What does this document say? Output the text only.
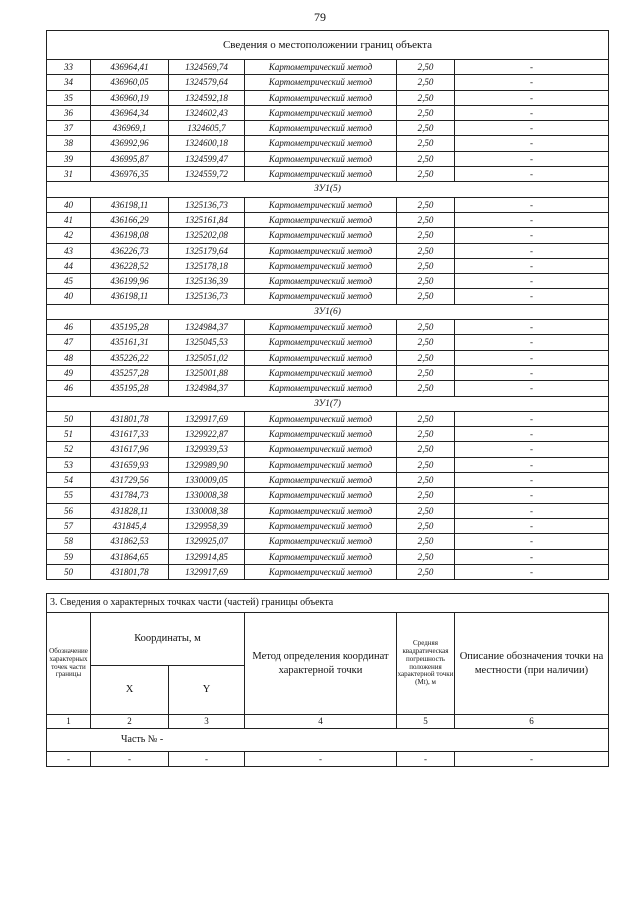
79
Сведения о местоположении границ объекта					
33	436964,41	1324569,74	Картометрический метод	2,50	-
34	436960,05	1324579,64	Картометрический метод	2,50	-
35	436960,19	1324592,18	Картометрический метод	2,50	-
36	436964,34	1324602,43	Картометрический метод	2,50	-
37	436969,1	1324605,7	Картометрический метод	2,50	-
38	436992,96	1324600,18	Картометрический метод	2,50	-
39	436995,87	1324599,47	Картометрический метод	2,50	-
31	436976,35	1324559,72	Картометрический метод	2,50	-
ЗУ1(5)					
40	436198,11	1325136,73	Картометрический метод	2,50	-
41	436166,29	1325161,84	Картометрический метод	2,50	-
42	436198,08	1325202,08	Картометрический метод	2,50	-
43	436226,73	1325179,64	Картометрический метод	2,50	-
44	436228,52	1325178,18	Картометрический метод	2,50	-
45	436199,96	1325136,39	Картометрический метод	2,50	-
40	436198,11	1325136,73	Картометрический метод	2,50	-
ЗУ1(6)					
46	435195,28	1324984,37	Картометрический метод	2,50	-
47	435161,31	1325045,53	Картометрический метод	2,50	-
48	435226,22	1325051,02	Картометрический метод	2,50	-
49	435257,28	1325001,88	Картометрический метод	2,50	-
46	435195,28	1324984,37	Картометрический метод	2,50	-
ЗУ1(7)					
50	431801,78	1329917,69	Картометрический метод	2,50	-
51	431617,33	1329922,87	Картометрический метод	2,50	-
52	431617,96	1329939,53	Картометрический метод	2,50	-
53	431659,93	1329989,90	Картометрический метод	2,50	-
54	431729,56	1330009,05	Картометрический метод	2,50	-
55	431784,73	1330008,38	Картометрический метод	2,50	-
56	431828,11	1330008,38	Картометрический метод	2,50	-
57	431845,4	1329958,39	Картометрический метод	2,50	-
58	431862,53	1329925,07	Картометрический метод	2,50	-
59	431864,65	1329914,85	Картометрический метод	2,50	-
50	431801,78	1329917,69	Картометрический метод	2,50	-
3. Сведения о характерных точках части (частей) границы объекта					
Обозначение характерных точек части границы	Координаты, м		Метод определения координат характерной точки	Средняя квадратическая погрешность положения характерной точки (Mt), м	Описание обозначения точки на местности (при наличии)
	X	Y			
1	2	3	4	5	6
Часть № -					
-	-	-	-	-	-
